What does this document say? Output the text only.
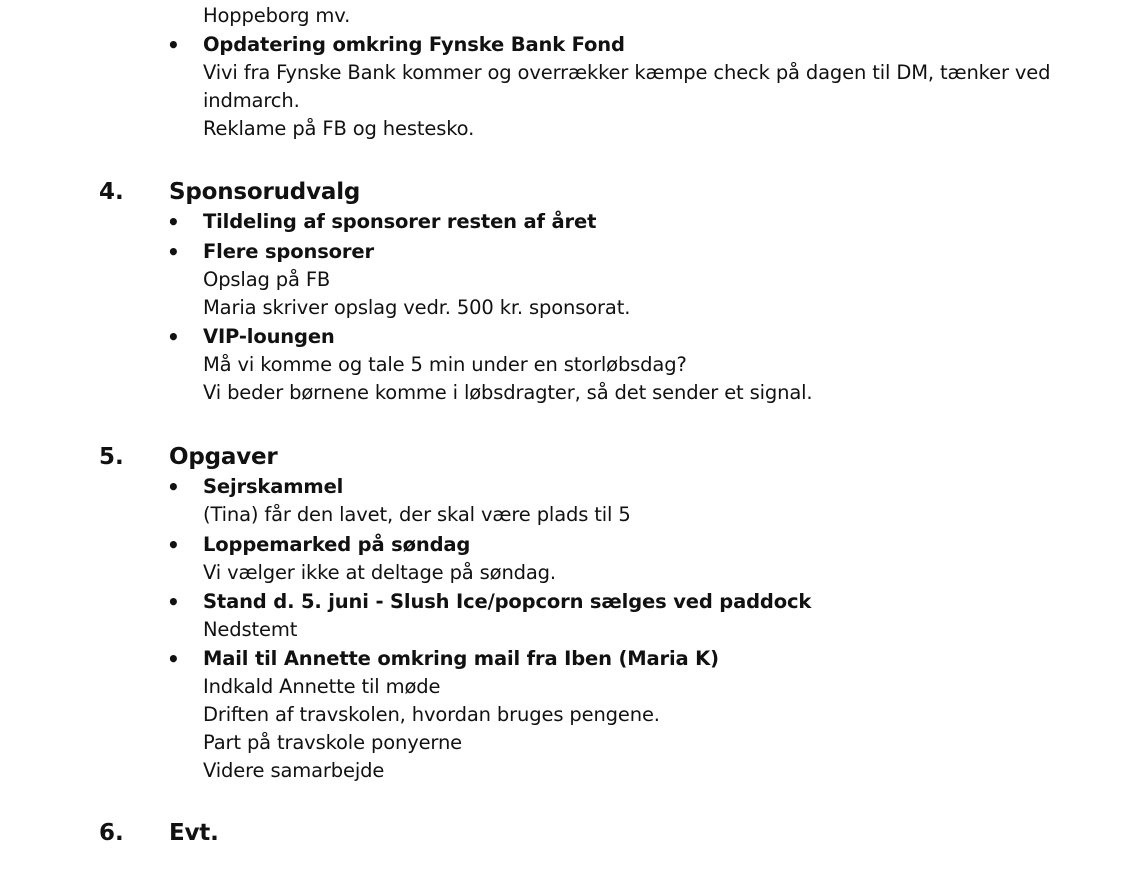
Hoppeborg mv.
• Opdatering omkring Fynske Bank Fond
Vivi fra Fynske Bank kommer og overrækker kæmpe check på dagen til DM, tænker ved
indmarch.
Reklame på FB og hestesko.
4. Sponsorudvalg
• Tildeling af sponsorer resten af året
• Flere sponsorer
Opslag på FB
Maria skriver opslag vedr. 500 kr. sponsorat.
• VIP-loungen
Må vi komme og tale 5 min under en storløbsdag?
Vi beder børnene komme i løbsdragter, så det sender et signal.
5. Opgaver
• Sejrskammel
(Tina) får den lavet, der skal være plads til 5
• Loppemarked på søndag
Vi vælger ikke at deltage på søndag.
• Stand d. 5. juni - Slush Ice/popcorn sælges ved paddock
Nedstemt
• Mail til Annette omkring mail fra Iben (Maria K)
Indkald Annette til møde
Driften af travskolen, hvordan bruges pengene.
Part på travskole ponyerne
Videre samarbejde
6. Evt.
